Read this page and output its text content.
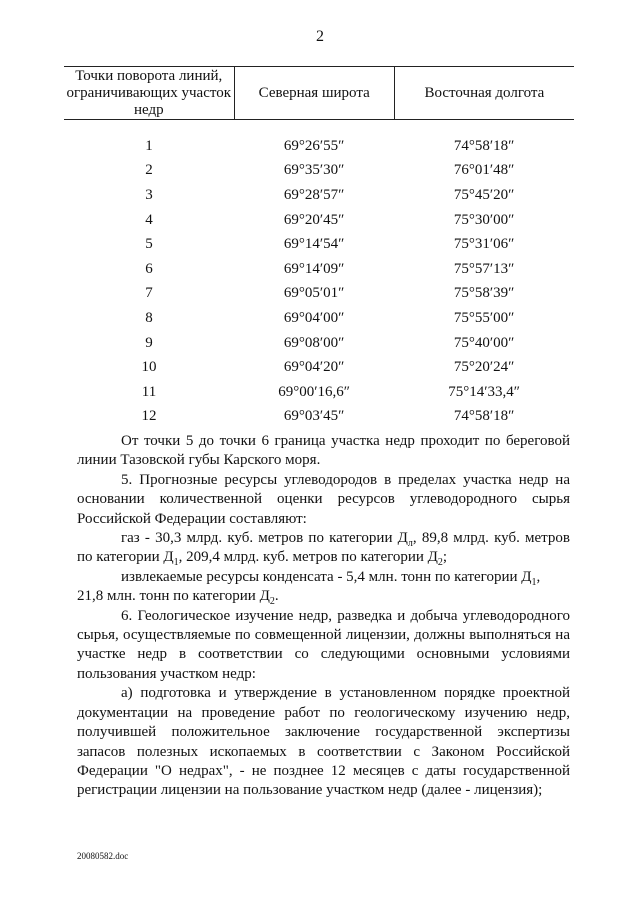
2
Точки поворота линий, ограничивающих участок недр	Северная широта	Восточная долгота
1	69°26′55″	74°58′18″
2	69°35′30″	76°01′48″
3	69°28′57″	75°45′20″
4	69°20′45″	75°30′00″
5	69°14′54″	75°31′06″
6	69°14′09″	75°57′13″
7	69°05′01″	75°58′39″
8	69°04′00″	75°55′00″
9	69°08′00″	75°40′00″
10	69°04′20″	75°20′24″
11	69°00′16,6″	75°14′33,4″
12	69°03′45″	74°58′18″

От точки 5 до точки 6 граница участка недр проходит по береговой линии Тазовской губы Карского моря.

5. Прогнозные ресурсы углеводородов в пределах участка недр на основании количественной оценки ресурсов углеводородного сырья Российской Федерации составляют:

газ - 30,3 млрд. куб. метров по категории $Д_л$, 89,8 млрд. куб. метров по категории $Д_1$, 209,4 млрд. куб. метров по категории $Д_2$;

извлекаемые ресурсы конденсата - 5,4 млн. тонн по категории $Д_1$,

21,8 млн. тонн по категории $Д_2$.

6. Геологическое изучение недр, разведка и добыча углеводородного сырья, осуществляемые по совмещенной лицензии, должны выполняться на участке недр в соответствии со следующими основными условиями пользования участком недр:

а) подготовка и утверждение в установленном порядке проектной документации на проведение работ по геологическому изучению недр, получившей положительное заключение государственной экспертизы запасов полезных ископаемых в соответствии с Законом Российской Федерации "О недрах", - не позднее 12 месяцев с даты государственной регистрации лицензии на пользование участком недр (далее - лицензия);

20080582.doc
